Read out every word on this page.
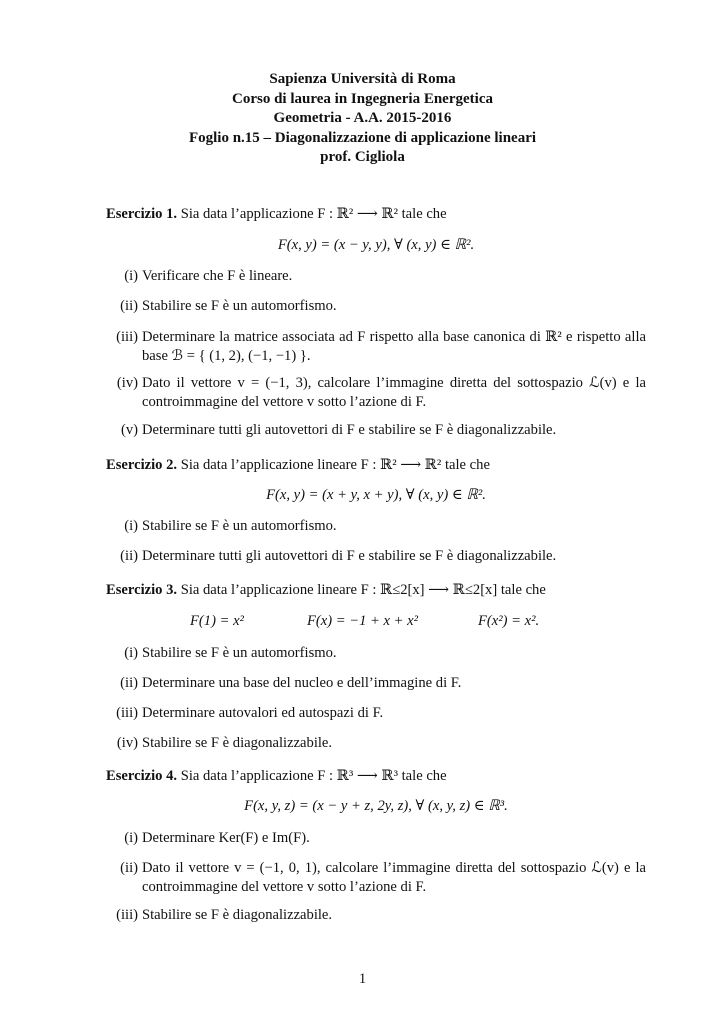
Sapienza Università di Roma
Corso di laurea in Ingegneria Energetica
Geometria - A.A. 2015-2016
Foglio n.15 – Diagonalizzazione di applicazione lineari
prof. Cigliola
Esercizio 1. Sia data l’applicazione F : ℝ² ⟶ ℝ² tale che
F(x, y) = (x − y, y), ∀ (x, y) ∈ ℝ².
(i) Verificare che F è lineare.
(ii) Stabilire se F è un automorfismo.
(iii) Determinare la matrice associata ad F rispetto alla base canonica di ℝ² e rispetto alla base ℬ = { (1, 2), (−1, −1) }.
(iv) Dato il vettore v = (−1, 3), calcolare l’immagine diretta del sottospazio ℒ(v) e la controimmagine del vettore v sotto l’azione di F.
(v) Determinare tutti gli autovettori di F e stabilire se F è diagonalizzabile.
Esercizio 2. Sia data l’applicazione lineare F : ℝ² ⟶ ℝ² tale che
F(x, y) = (x + y, x + y), ∀ (x, y) ∈ ℝ².
(i) Stabilire se F è un automorfismo.
(ii) Determinare tutti gli autovettori di F e stabilire se F è diagonalizzabile.
Esercizio 3. Sia data l’applicazione lineare F : ℝ≤2[x] ⟶ ℝ≤2[x] tale che
F(1) = x²	F(x) = −1 + x + x²	F(x²) = x².
(i) Stabilire se F è un automorfismo.
(ii) Determinare una base del nucleo e dell’immagine di F.
(iii) Determinare autovalori ed autospazi di F.
(iv) Stabilire se F è diagonalizzabile.
Esercizio 4. Sia data l’applicazione F : ℝ³ ⟶ ℝ³ tale che
F(x, y, z) = (x − y + z, 2y, z), ∀ (x, y, z) ∈ ℝ³.
(i) Determinare Ker(F) e Im(F).
(ii) Dato il vettore v = (−1, 0, 1), calcolare l’immagine diretta del sottospazio ℒ(v) e la controimmagine del vettore v sotto l’azione di F.
(iii) Stabilire se F è diagonalizzabile.
1
